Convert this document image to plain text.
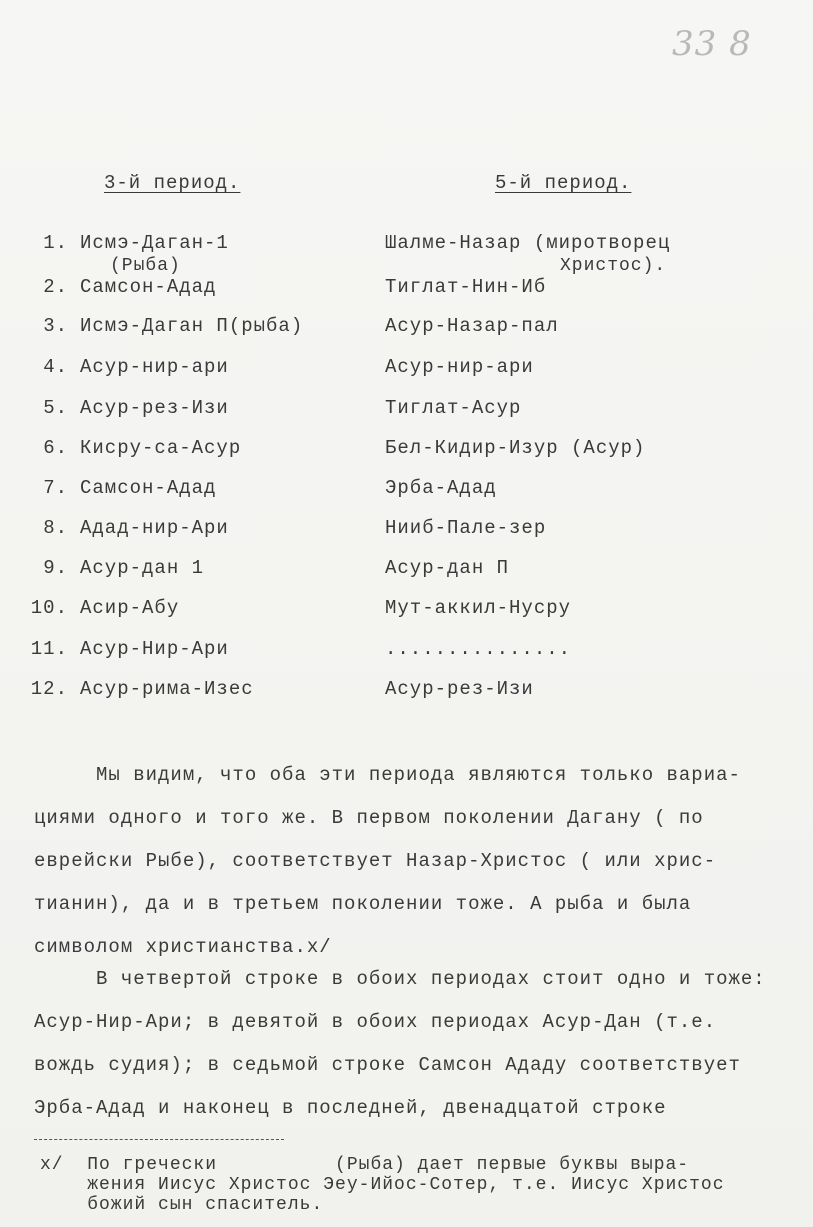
33 8
3-й период.	5-й период.
1. Исмэ-Даган-1	Шалме-Назар (миротворец
(Рыба)	Христос).
2. Самсон-Адад	Тиглат-Нин-Иб
3. Исмэ-Даган П(рыба)	Асур-Назар-пал
4. Асур-нир-ари	Асур-нир-ари
5. Асур-рез-Изи	Тиглат-Асур
6. Кисру-са-Асур	Бел-Кидир-Изур (Асур)
7. Самсон-Адад	Эрба-Адад
8. Адад-нир-Ари	Нииб-Пале-зер
9. Асур-дан 1	Асур-дан П
10. Асир-Абу	Мут-аккил-Нусру
11. Асур-Нир-Ари	...............
12. Асур-рима-Изес	Асур-рез-Изи
Мы видим, что оба эти периода являются только вариа-
циями одного и того же. В первом поколении Дагану ( по
еврейски Рыбе), соответствует Назар-Христос ( или хрис-
тианин), да и в третьем поколении тоже. А рыба и была
символом христианства.x/
В четвертой строке в обоих периодах стоит одно и тоже:
Асур-Нир-Ари; в девятой в обоих периодах Асур-Дан (т.е.
вождь судия); в седьмой строке Самсон Ададу соответствует
Эрба-Адад и наконец в последней, двенадцатой строке
x/  По гречески          (Рыба) дает первые буквы выра-
жения Иисус Христос Эеу-Ийос-Сотер, т.е. Иисус Христос
божий сын спаситель.
